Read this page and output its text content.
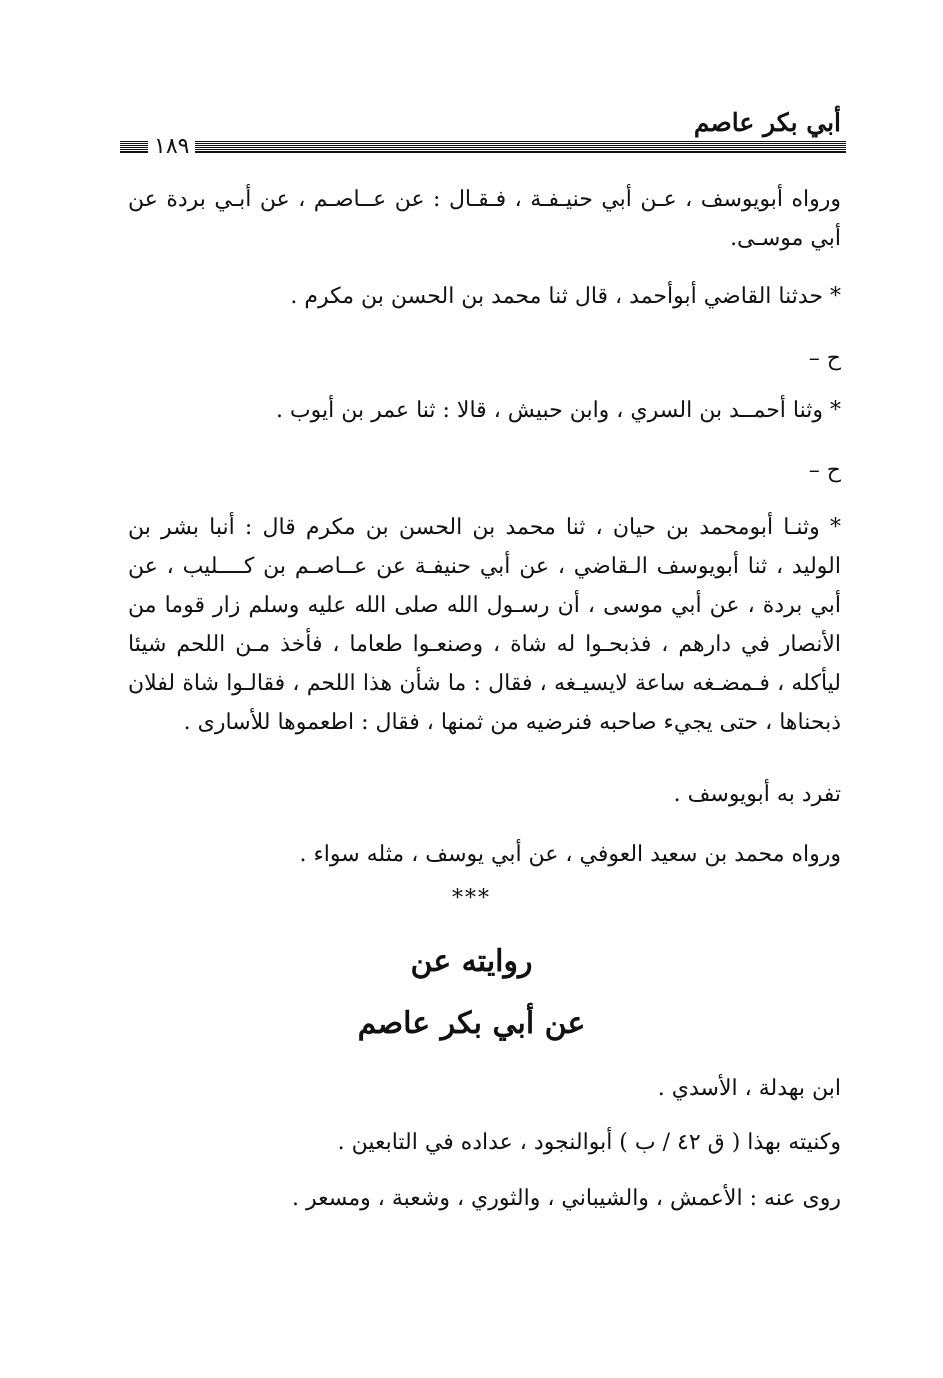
أبي بكر عاصم
١٨٩
ورواه أبويوسف ، عـن أبي حنيـفـة ، فـقـال : عن عــاصـم ، عن أبـي بردة عن أبي موسـى.
* حدثنا القاضي أبوأحمد ، قال ثنا محمد بن الحسن بن مكرم .
ح –
* وثنا أحمــد بن السري ، وابن حبيش ، قالا : ثنا عمر بن أيوب .
ح –
* وثنـا أبومحمد بن حيان ، ثنا محمد بن الحسن بن مكرم قال : أنبا بشر بن الوليد ، ثنا أبويوسف الـقاضي ، عن أبي حنيفـة عن عــاصـم بن كــــليب ، عن أبي بردة ، عن أبي موسى ، أن رسـول الله صلى الله عليه وسلم زار قوما من الأنصار في دارهم ، فذبحـوا له شاة ، وصنعـوا طعاما ، فأخذ مـن اللحم شيئا ليأكله ، فـمضـغه ساعة لايسيـغه ، فقال : ما شأن هذا اللحم ، فقالـوا شاة لفلان ذبحناها ، حتى يجيء صاحبه فنرضيه من ثمنها ، فقال : اطعموها للأسارى .
تفرد به أبويوسف .
ورواه محمد بن سعيد العوفي ، عن أبي يوسف ، مثله سواء .
***
روايته عن
عن أبي بكر عاصم
ابن بهدلة ، الأسدي .
وكنيته بهذا ( ق ٤٢ / ب ) أبوالنجود ، عداده في التابعين .
روى عنه : الأعمش ، والشيباني ، والثوري ، وشعبة ، ومسعر .
